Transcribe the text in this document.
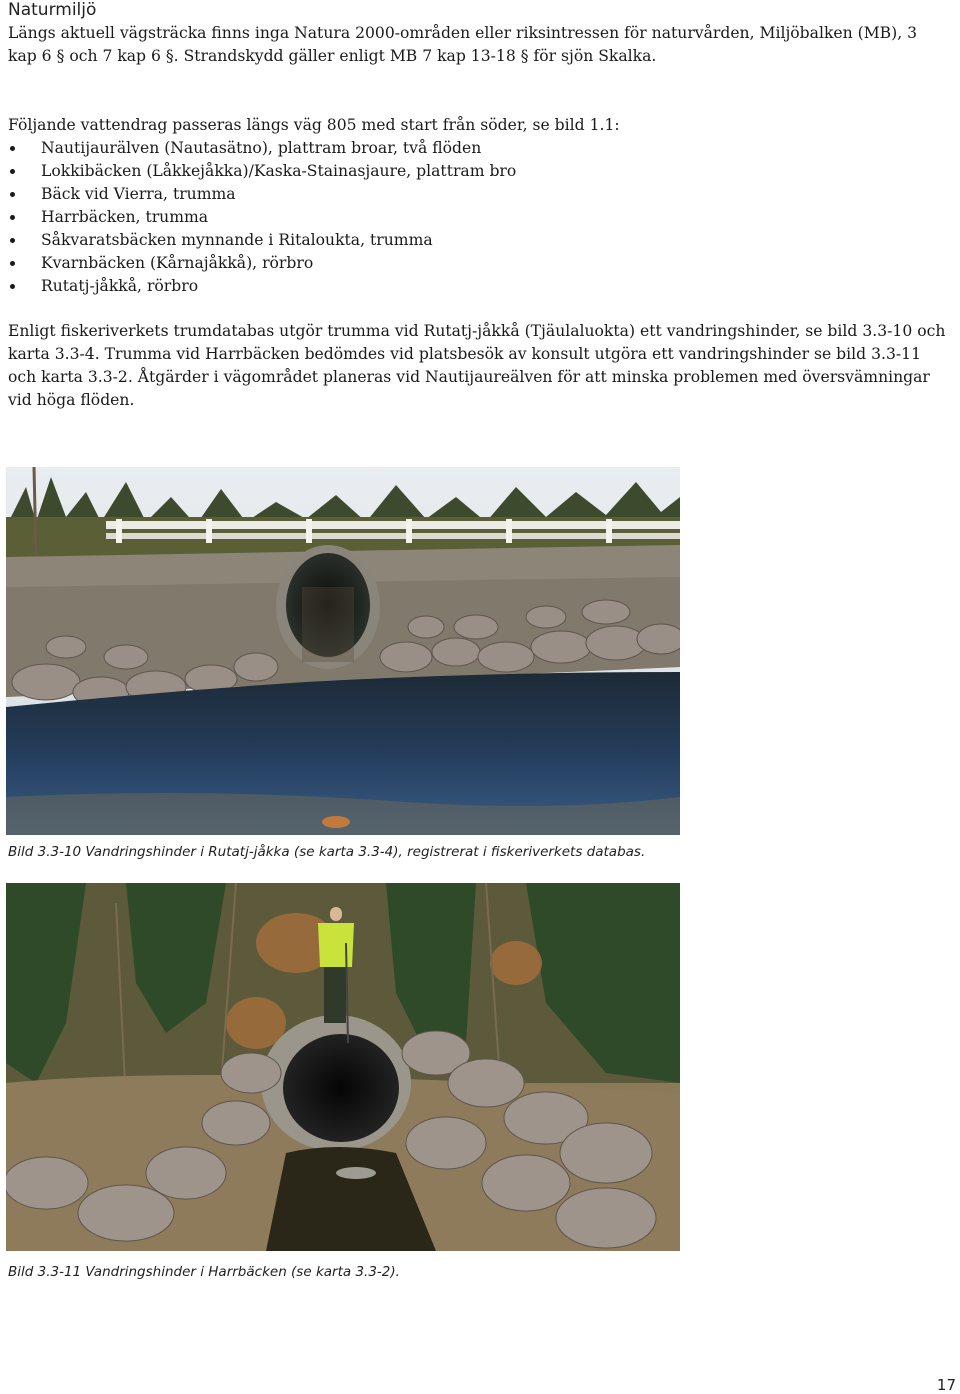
Naturmiljö

Längs aktuell vägsträcka finns inga Natura 2000-områden eller riksintressen för naturvården, Miljöbalken (MB), 3 kap 6 § och 7 kap 6 §. Strandskydd gäller enligt MB 7 kap 13-18 § för sjön Skalka.

Följande vattendrag passeras längs väg 805 med start från söder, se bild 1.1:

Nautijaurälven (Nautasätno), plattram broar, två flöden
Lokkibäcken (Låkkejåkka)/Kaska-Stainasjaure, plattram bro
Bäck vid Vierra, trumma
Harrbäcken, trumma
Såkvaratsbäcken mynnande i Ritaloukta, trumma
Kvarnbäcken (Kårnajåkkå), rörbro
Rutatj-jåkkå, rörbro

Enligt fiskeriverkets trumdatabas utgör trumma vid Rutatj-jåkkå (Tjäulaluokta) ett vandringshinder, se bild 3.3-10 och karta 3.3-4. Trumma vid Harrbäcken bedömdes vid platsbesök av konsult utgöra ett vandringshinder se bild 3.3-11 och karta 3.3-2. Åtgärder i vägområdet planeras vid Nautijaureälven för att minska problemen med översvämningar vid höga flöden.

Bild 3.3-10 Vandringshinder i Rutatj-jåkka (se karta 3.3-4), registrerat i fiskeriverkets databas.
Bild 3.3-11 Vandringshinder i Harrbäcken (se karta 3.3-2).
17
